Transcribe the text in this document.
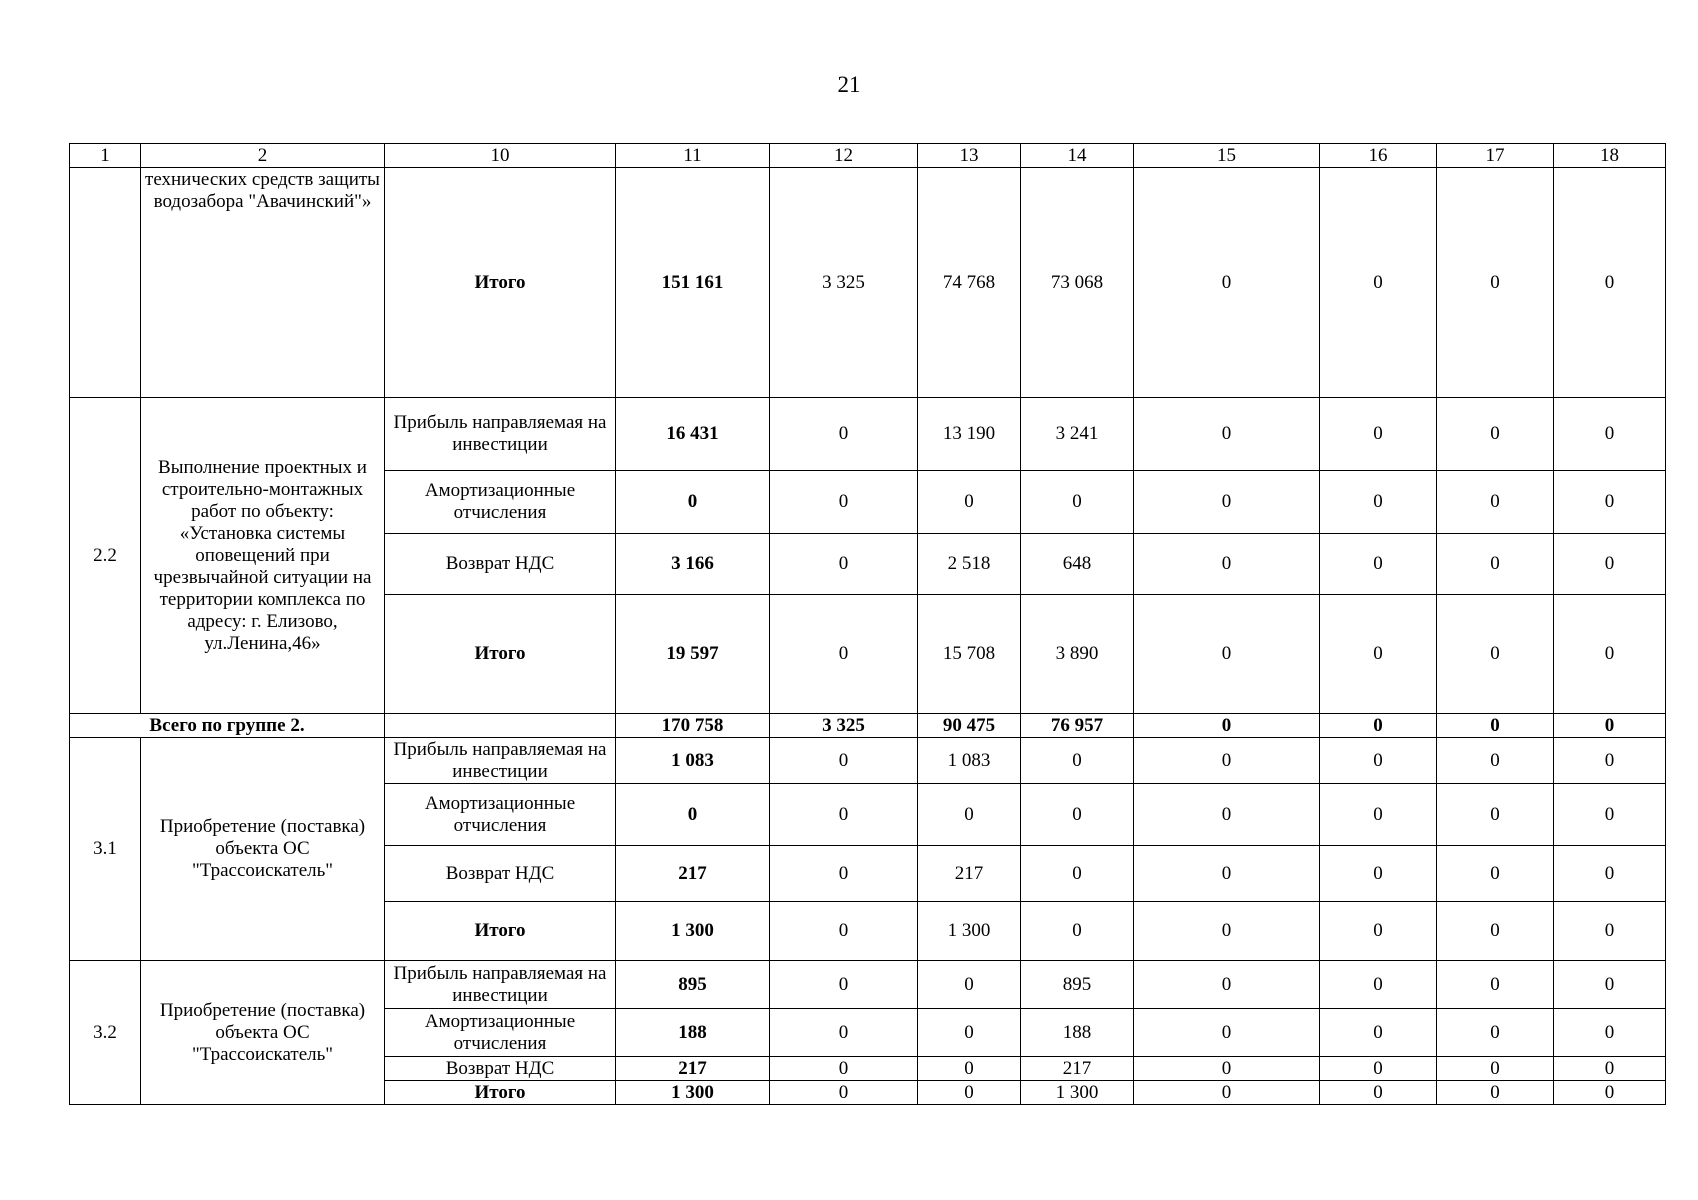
21
1	2	10	11	12	13	14	15	16	17	18
	технических средств защиты водозабора "Авачинский"»	Итого	151 161	3 325	74 768	73 068	0	0	0	0
2.2	Выполнение проектных и строительно-монтажных работ по объекту: «Установка системы оповещений при чрезвычайной ситуации на территории комплекса по адресу: г. Елизово, ул.Ленина,46»	Прибыль направляемая на инвестиции	16 431	0	13 190	3 241	0	0	0	0
		Амортизационные отчисления	0	0	0	0	0	0	0	0
		Возврат НДС	3 166	0	2 518	648	0	0	0	0
		Итого	19 597	0	15 708	3 890	0	0	0	0
Всего по группе 2.			170 758	3 325	90 475	76 957	0	0	0	0
3.1	Приобретение (поставка) объекта ОС "Трассоискатель"	Прибыль направляемая на инвестиции	1 083	0	1 083	0	0	0	0	0
		Амортизационные отчисления	0	0	0	0	0	0	0	0
		Возврат НДС	217	0	217	0	0	0	0	0
		Итого	1 300	0	1 300	0	0	0	0	0
3.2	Приобретение (поставка) объекта ОС "Трассоискатель"	Прибыль направляемая на инвестиции	895	0	0	895	0	0	0	0
		Амортизационные отчисления	188	0	0	188	0	0	0	0
		Возврат НДС	217	0	0	217	0	0	0	0
		Итого	1 300	0	0	1 300	0	0	0	0
